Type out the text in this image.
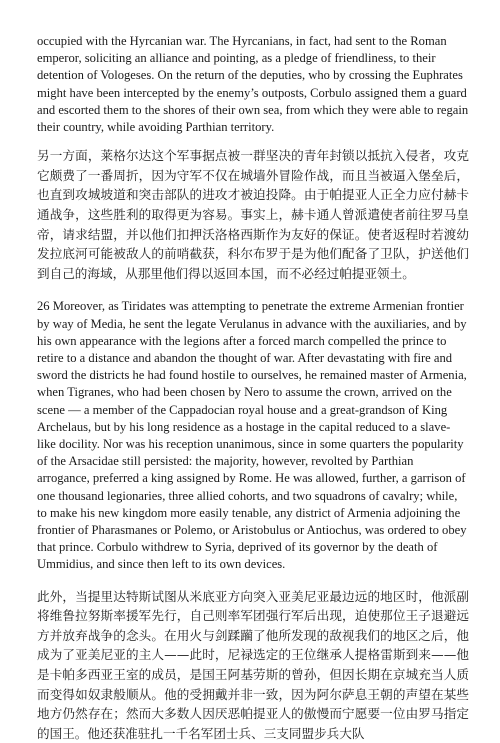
occupied with the Hyrcanian war. The Hyrcanians, in fact, had sent to the Roman emperor, soliciting an alliance and pointing, as a pledge of friendliness, to their detention of Vologeses. On the return of the deputies, who by crossing the Euphrates might have been intercepted by the enemy’s outposts, Corbulo assigned them a guard and escorted them to the shores of their own sea, from which they were able to regain their country, while avoiding Parthian territory.

另一方面，莱格尔达这个军事据点被一群坚决的青年封锁以抵抗入侵者，攻克它颇费了一番周折，因为守军不仅在城墙外冒险作战，而且当被逼入堡垒后，也直到攻城坡道和突击部队的进攻才被迫投降。由于帕提亚人正全力应付赫卡通战争，这些胜利的取得更为容易。事实上，赫卡通人曾派遣使者前往罗马皇帝，请求结盟，并以他们扣押沃洛格西斯作为友好的保证。使者返程时若渡幼发拉底河可能被敌人的前哨截获，科尔布罗于是为他们配备了卫队，护送他们到自己的海域，从那里他们得以返回本国，而不必经过帕提亚领土。

26 Moreover, as Tiridates was attempting to penetrate the extreme Armenian frontier by way of Media, he sent the legate Verulanus in advance with the auxiliaries, and by his own appearance with the legions after a forced march compelled the prince to retire to a distance and abandon the thought of war. After devastating with fire and sword the districts he had found hostile to ourselves, he remained master of Armenia, when Tigranes, who had been chosen by Nero to assume the crown, arrived on the scene — a member of the Cappadocian royal house and a great-grandson of King Archelaus, but by his long residence as a hostage in the capital reduced to a slave-like docility. Nor was his reception unanimous, since in some quarters the popularity of the Arsacidae still persisted: the majority, however, revolted by Parthian arrogance, preferred a king assigned by Rome. He was allowed, further, a garrison of one thousand legionaries, three allied cohorts, and two squadrons of cavalry; while, to make his new kingdom more easily tenable, any district of Armenia adjoining the frontier of Pharasmanes or Polemo, or Aristobulus or Antiochus, was ordered to obey that prince. Corbulo withdrew to Syria, deprived of its governor by the death of Ummidius, and since then left to its own devices.

此外，当提里达特斯试图从米底亚方向突入亚美尼亚最边远的地区时，他派副将维鲁拉努斯率援军先行，自己则率军团强行军后出现，迫使那位王子退避远方并放弃战争的念头。在用火与剑蹂躏了他所发现的敌视我们的地区之后，他成为了亚美尼亚的主人——此时，尼禄选定的王位继承人提格雷斯到来——他是卡帕多西亚王室的成员，是国王阿基劳斯的曾孙，但因长期在京城充当人质而变得如奴隶般顺从。他的受拥戴并非一致，因为阿尔萨息王朝的声望在某些地方仍然存在；然而大多数人因厌恶帕提亚人的傲慢而宁愿要一位由罗马指定的国王。他还获准驻扎一千名军团士兵、三支同盟步兵大队
